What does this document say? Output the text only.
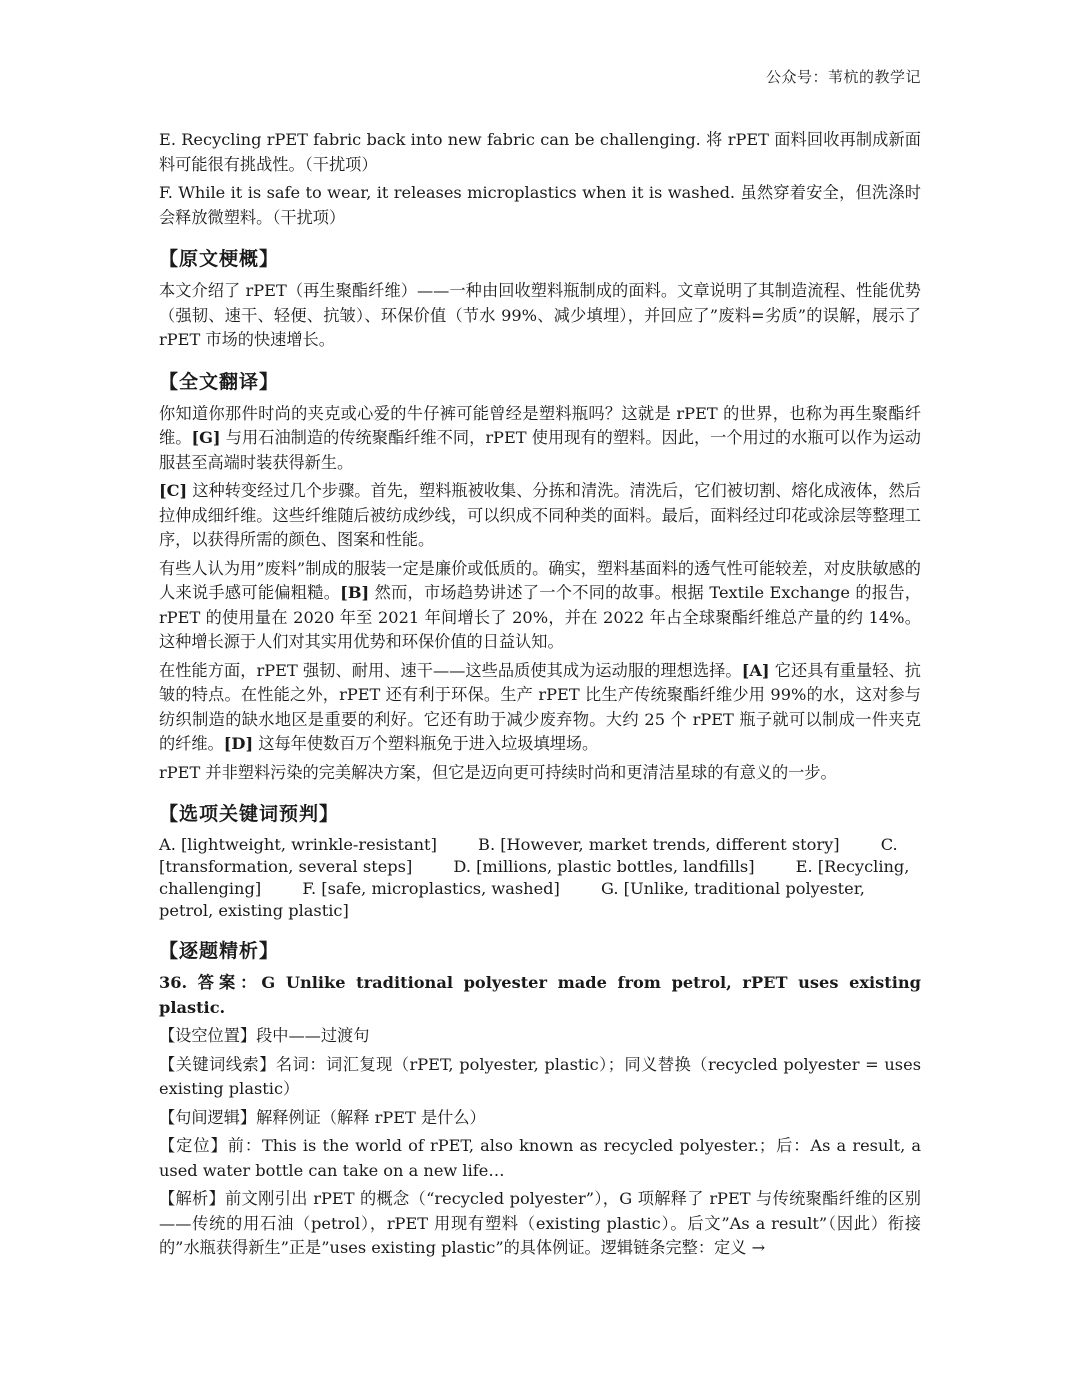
公众号：苇杭的教学记

E. Recycling rPET fabric back into new fabric can be challenging. 将 rPET 面料回收再制成新面料可能很有挑战性。（干扰项）

F. While it is safe to wear, it releases microplastics when it is washed. 虽然穿着安全，但洗涤时会释放微塑料。（干扰项）

【原文梗概】

本文介绍了 rPET（再生聚酯纤维）——一种由回收塑料瓶制成的面料。文章说明了其制造流程、性能优势（强韧、速干、轻便、抗皱）、环保价值（节水 99%、减少填埋），并回应了”废料=劣质”的误解，展示了 rPET 市场的快速增长。

【全文翻译】

你知道你那件时尚的夹克或心爱的牛仔裤可能曾经是塑料瓶吗？这就是 rPET 的世界，也称为再生聚酯纤维。[G] 与用石油制造的传统聚酯纤维不同，rPET 使用现有的塑料。因此，一个用过的水瓶可以作为运动服甚至高端时装获得新生。

[C] 这种转变经过几个步骤。首先，塑料瓶被收集、分拣和清洗。清洗后，它们被切割、熔化成液体，然后拉伸成细纤维。这些纤维随后被纺成纱线，可以织成不同种类的面料。最后，面料经过印花或涂层等整理工序，以获得所需的颜色、图案和性能。

有些人认为用”废料”制成的服装一定是廉价或低质的。确实，塑料基面料的透气性可能较差，对皮肤敏感的人来说手感可能偏粗糙。[B] 然而，市场趋势讲述了一个不同的故事。根据 Textile Exchange 的报告，rPET 的使用量在 2020 年至 2021 年间增长了 20%，并在 2022 年占全球聚酯纤维总产量的约 14%。这种增长源于人们对其实用优势和环保价值的日益认知。

在性能方面，rPET 强韧、耐用、速干——这些品质使其成为运动服的理想选择。[A] 它还具有重量轻、抗皱的特点。在性能之外，rPET 还有利于环保。生产 rPET 比生产传统聚酯纤维少用 99%的水，这对参与纺织制造的缺水地区是重要的利好。它还有助于减少废弃物。大约 25 个 rPET 瓶子就可以制成一件夹克的纤维。[D] 这每年使数百万个塑料瓶免于进入垃圾填埋场。

rPET 并非塑料污染的完美解决方案，但它是迈向更可持续时尚和更清洁星球的有意义的一步。

【选项关键词预判】
A. [lightweight, wrinkle-resistant]	B. [However, market trends, different story]	C. [transformation, several steps]	D. [millions, plastic bottles, landfills]	E. [Recycling, challenging]	F. [safe, microplastics, washed]	G. [Unlike, traditional polyester, petrol, existing plastic]
【逐题精析】

36. 答案：G Unlike traditional polyester made from petrol, rPET uses existing plastic.

【设空位置】段中——过渡句

【关键词线索】名词：词汇复现（rPET, polyester, plastic）；同义替换（recycled polyester = uses existing plastic）

【句间逻辑】解释例证（解释 rPET 是什么）

【定位】前：This is the world of rPET, also known as recycled polyester.；后：As a result, a used water bottle can take on a new life…

【解析】前文刚引出 rPET 的概念（“recycled polyester”），G 项解释了 rPET 与传统聚酯纤维的区别——传统的用石油（petrol），rPET 用现有塑料（existing plastic）。后文”As a result”（因此）衔接的”水瓶获得新生”正是”uses existing plastic”的具体例证。逻辑链条完整：定义 →
